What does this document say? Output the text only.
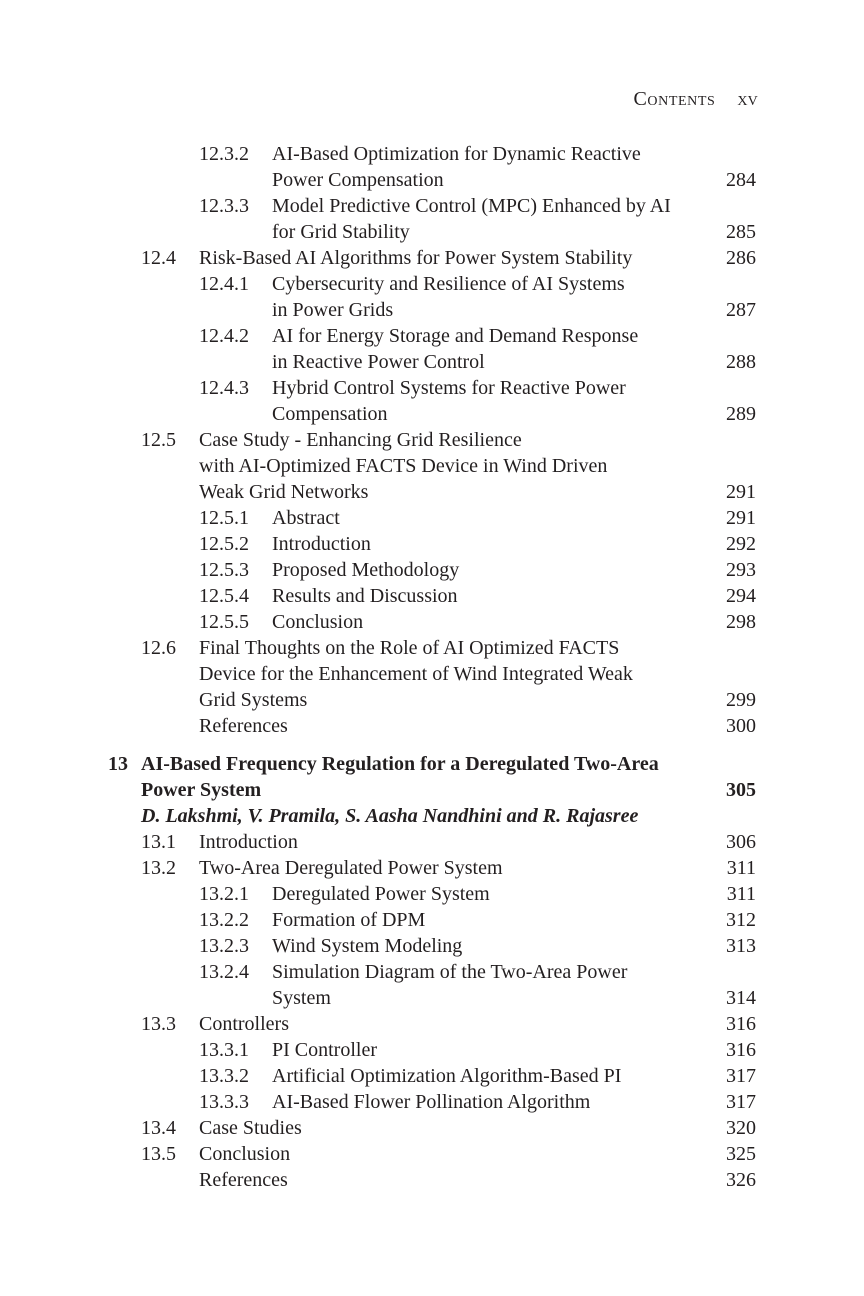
Contents xv
12.3.2 AI-Based Optimization for Dynamic Reactive
Power Compensation	284
12.3.3 Model Predictive Control (MPC) Enhanced by AI
for Grid Stability	285
12.4 Risk-Based AI Algorithms for Power System Stability	286
12.4.1 Cybersecurity and Resilience of AI Systems
in Power Grids	287
12.4.2 AI for Energy Storage and Demand Response
in Reactive Power Control	288
12.4.3 Hybrid Control Systems for Reactive Power
Compensation	289
12.5 Case Study - Enhancing Grid Resilience
with AI-Optimized FACTS Device in Wind Driven
Weak Grid Networks	291
12.5.1 Abstract	291
12.5.2 Introduction	292
12.5.3 Proposed Methodology	293
12.5.4 Results and Discussion	294
12.5.5 Conclusion	298
12.6 Final Thoughts on the Role of AI Optimized FACTS
Device for the Enhancement of Wind Integrated Weak
Grid Systems	299
References	300
13 AI-Based Frequency Regulation for a Deregulated Two-Area
Power System	305
D. Lakshmi, V. Pramila, S. Aasha Nandhini and R. Rajasree
13.1 Introduction	306
13.2 Two-Area Deregulated Power System	311
13.2.1 Deregulated Power System	311
13.2.2 Formation of DPM	312
13.2.3 Wind System Modeling	313
13.2.4 Simulation Diagram of the Two-Area Power
System	314
13.3 Controllers	316
13.3.1 PI Controller	316
13.3.2 Artificial Optimization Algorithm-Based PI	317
13.3.3 AI-Based Flower Pollination Algorithm	317
13.4 Case Studies	320
13.5 Conclusion	325
References	326
